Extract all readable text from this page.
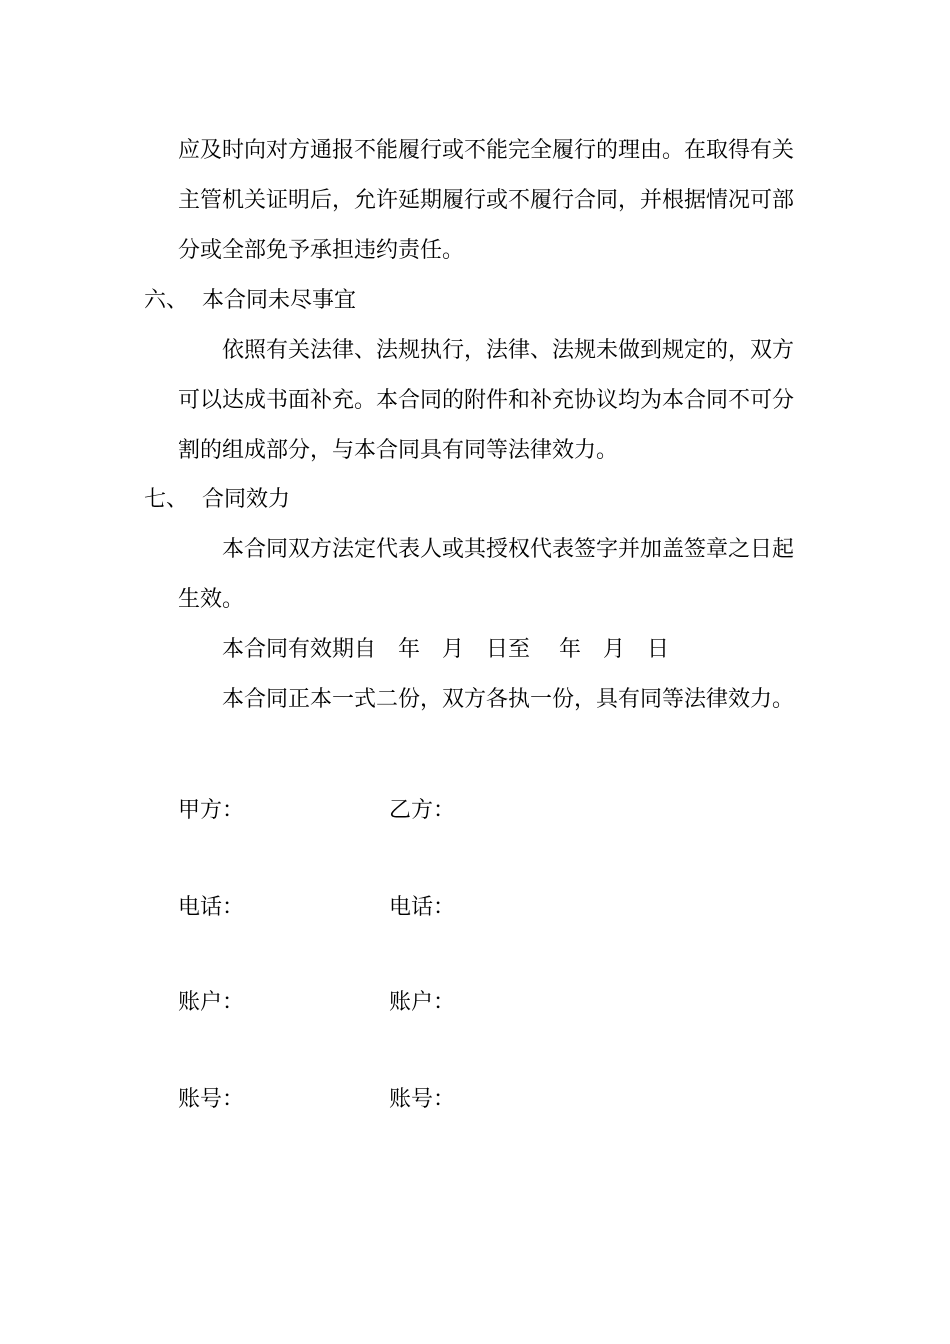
应及时向对方通报不能履行或不能完全履行的理由。在取得有关
主管机关证明后，允许延期履行或不履行合同，并根据情况可部
分或全部免予承担违约责任。
六、 本合同未尽事宜
依照有关法律、法规执行，法律、法规未做到规定的，双方
可以达成书面补充。本合同的附件和补充协议均为本合同不可分
割的组成部分，与本合同具有同等法律效力。
七、 合同效力
本合同双方法定代表人或其授权代表签字并加盖签章之日起
生效。
本合同有效期自　年　月　日至　 年　月　日
本合同正本一式二份，双方各执一份，具有同等法律效力。
甲方：	乙方：
电话：	电话：
账户：	账户：
账号：	账号：
